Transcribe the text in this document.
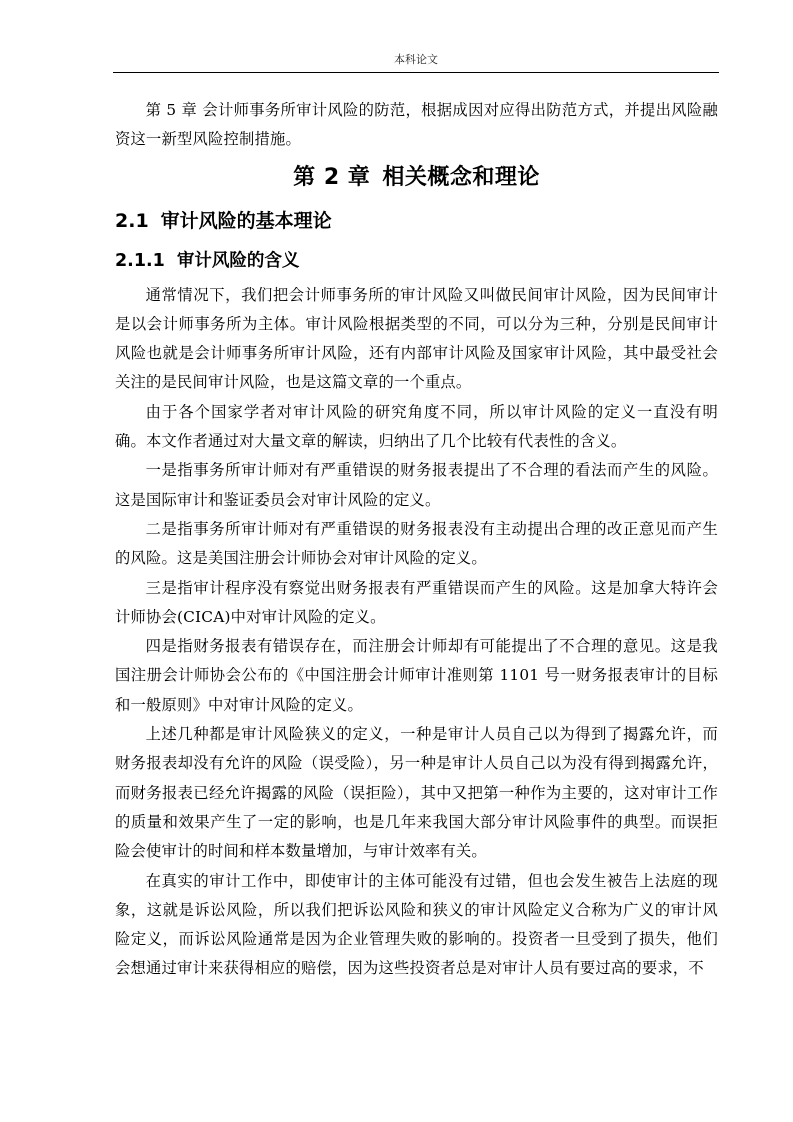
本科论文

第 5 章 会计师事务所审计风险的防范，根据成因对应得出防范方式，并提出风险融资这一新型风险控制措施。

第 2 章 相关概念和理论
2.1 审计风险的基本理论
2.1.1 审计风险的含义

通常情况下，我们把会计师事务所的审计风险又叫做民间审计风险，因为民间审计是以会计师事务所为主体。审计风险根据类型的不同，可以分为三种，分别是民间审计风险也就是会计师事务所审计风险，还有内部审计风险及国家审计风险，其中最受社会关注的是民间审计风险，也是这篇文章的一个重点。

由于各个国家学者对审计风险的研究角度不同，所以审计风险的定义一直没有明确。本文作者通过对大量文章的解读，归纳出了几个比较有代表性的含义。

一是指事务所审计师对有严重错误的财务报表提出了不合理的看法而产生的风险。这是国际审计和鉴证委员会对审计风险的定义。

二是指事务所审计师对有严重错误的财务报表没有主动提出合理的改正意见而产生的风险。这是美国注册会计师协会对审计风险的定义。

三是指审计程序没有察觉出财务报表有严重错误而产生的风险。这是加拿大特许会计师协会(CICA)中对审计风险的定义。

四是指财务报表有错误存在，而注册会计师却有可能提出了不合理的意见。这是我国注册会计师协会公布的《中国注册会计师审计准则第 1101 号一财务报表审计的目标和一般原则》中对审计风险的定义。

上述几种都是审计风险狭义的定义，一种是审计人员自己以为得到了揭露允许，而财务报表却没有允许的风险（误受险），另一种是审计人员自己以为没有得到揭露允许，而财务报表已经允许揭露的风险（误拒险），其中又把第一种作为主要的，这对审计工作的质量和效果产生了一定的影响，也是几年来我国大部分审计风险事件的典型。而误拒险会使审计的时间和样本数量增加，与审计效率有关。

在真实的审计工作中，即使审计的主体可能没有过错，但也会发生被告上法庭的现象，这就是诉讼风险，所以我们把诉讼风险和狭义的审计风险定义合称为广义的审计风险定义，而诉讼风险通常是因为企业管理失败的影响的。投资者一旦受到了损失，他们会想通过审计来获得相应的赔偿，因为这些投资者总是对审计人员有要过高的要求，不
